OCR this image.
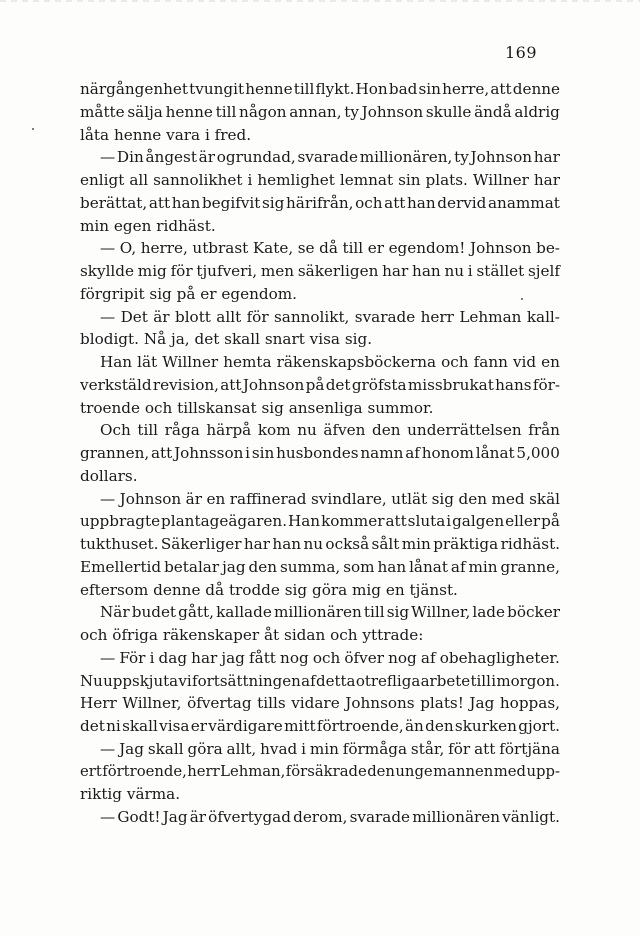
169
närgångenhet tvungit henne till flykt. Hon bad sin herre, att denne
måtte sälja henne till någon annan, ty Johnson skulle ändå aldrig
låta henne vara i fred.
— Din ångest är ogrundad, svarade millionären, ty Johnson har
enligt all sannolikhet i hemlighet lemnat sin plats. Willner har
berättat, att han begifvit sig härifrån, och att han dervid anammat
min egen ridhäst.
— O, herre, utbrast Kate, se då till er egendom! Johnson be-
skyllde mig för tjufveri, men säkerligen har han nu i stället sjelf
förgripit sig på er egendom.
— Det är blott allt för sannolikt, svarade herr Lehman kall-
blodigt. Nå ja, det skall snart visa sig.
Han lät Willner hemta räkenskapsböckerna och fann vid en
verkstäld revision, att Johnson på det gröfsta missbrukat hans för-
troende och tillskansat sig ansenliga summor.
Och till råga härpå kom nu äfven den underrättelsen från
grannen, att Johnsson i sin husbondes namn af honom lånat 5,000
dollars.
— Johnson är en raffinerad svindlare, utlät sig den med skäl
uppbragte plantageägaren. Han kommer att sluta i galgen eller på
tukthuset. Säkerliger har han nu också sålt min präktiga ridhäst.
Emellertid betalar jag den summa, som han lånat af min granne,
eftersom denne då trodde sig göra mig en tjänst.
När budet gått, kallade millionären till sig Willner, lade böcker
och öfriga räkenskaper åt sidan och yttrade:
— För i dag har jag fått nog och öfver nog af obehagligheter.
Nu uppskjuta vi fortsättningen af detta otrefliga arbete till i morgon.
Herr Willner, öfvertag tills vidare Johnsons plats! Jag hoppas,
det ni skall visa er värdigare mitt förtroende, än den skurken gjort.
— Jag skall göra allt, hvad i min förmåga står, för att förtjäna
ert förtroende, herr Lehman, försäkrade den unge mannen med upp-
riktig värma.
— Godt! Jag är öfvertygad derom, svarade millionären vänligt.
